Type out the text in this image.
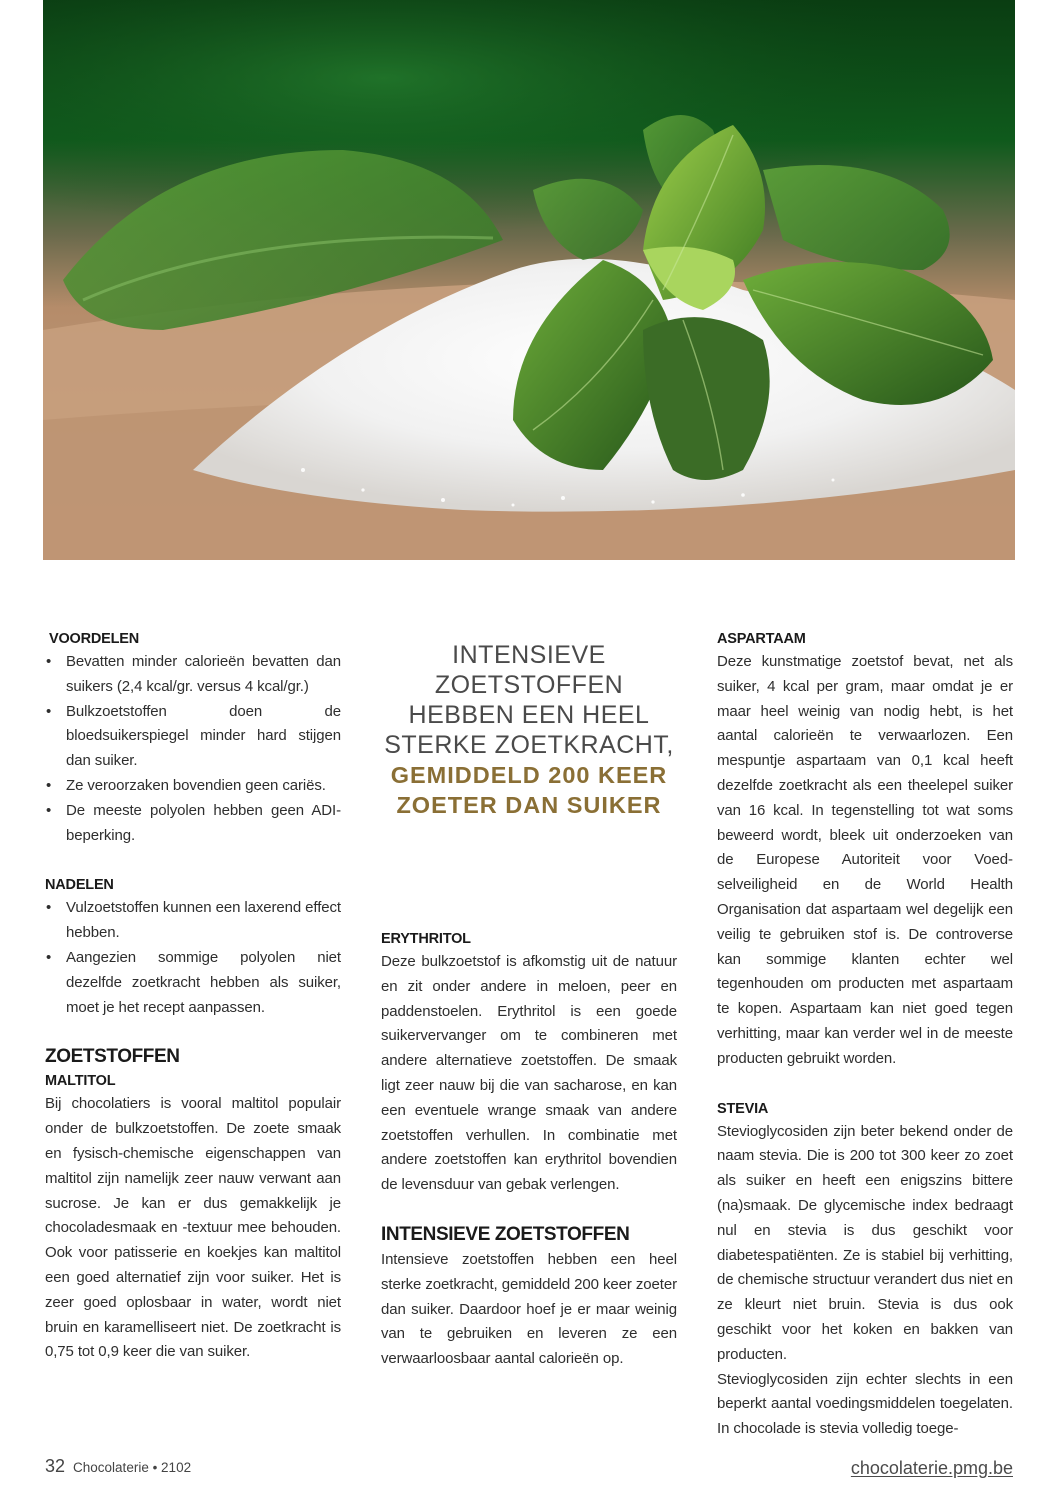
VOORDELEN
• Bevatten minder calorieën bevatten dan suikers (2,4 kcal/gr. versus 4 kcal/gr.)
• Bulkzoetstoffen doen de bloedsuikerspiegel minder hard stijgen dan suiker.
• Ze veroorzaken bovendien geen cariës.
• De meeste polyolen hebben geen ADI-beperking.
NADELEN
• Vulzoetstoffen kunnen een laxerend effect hebben.
• Aangezien sommige polyolen niet dezelfde zoetkracht hebben als suiker, moet je het recept aanpassen.
ZOETSTOFFEN
MALTITOL

Bij chocolatiers is vooral maltitol populair onder de bulkzoetstoffen. De zoete smaak en fysisch-chemische eigenschappen van maltitol zijn namelijk zeer nauw verwant aan sucrose. Je kan er dus gemakkelijk je chocoladesmaak en -textuur mee behouden. Ook voor patisserie en koekjes kan maltitol een goed alternatief zijn voor suiker. Het is zeer goed oplosbaar in water, wordt niet bruin en karamelliseert niet. De zoetkracht is 0,75 tot 0,9 keer die van suiker.

INTENSIEVE ZOETSTOFFEN HEBBEN EEN HEEL STERKE ZOETKRACHT,
GEMIDDELD 200 KEER ZOETER DAN SUIKER

ERYTHRITOL

Deze bulkzoetstof is afkomstig uit de natuur en zit onder andere in meloen, peer en paddenstoelen. Erythritol is een goede suikervervanger om te combineren met andere alternatieve zoetstoffen. De smaak ligt zeer nauw bij die van sacharose, en kan een eventuele wrange smaak van andere zoetstoffen verhullen. In combinatie met andere zoetstoffen kan erythritol bovendien de levensduur van gebak verlengen.

INTENSIEVE ZOETSTOFFEN

Intensieve zoetstoffen hebben een heel sterke zoetkracht, gemiddeld 200 keer zoeter dan suiker. Daardoor hoef je er maar weinig van te gebruiken en leveren ze een verwaarloosbaar aantal calorieën op.

ASPARTAAM

Deze kunstmatige zoetstof bevat, net als suiker, 4 kcal per gram, maar omdat je er maar heel weinig van nodig hebt, is het aantal calorieën te verwaarlozen. Een mespuntje aspartaam van 0,1 kcal heeft dezelfde zoetkracht als een theelepel suiker van 16 kcal. In tegenstelling tot wat soms beweerd wordt, bleek uit onderzoeken van de Europese Autoriteit voor Voedselveiligheid en de World Health Organisation dat aspartaam wel degelijk een veilig te gebruiken stof is. De controverse kan sommige klanten echter wel tegenhouden om producten met aspartaam te kopen. Aspartaam kan niet goed tegen verhitting, maar kan verder wel in de meeste producten gebruikt worden.

STEVIA

Stevioglycosiden zijn beter bekend onder de naam stevia. Die is 200 tot 300 keer zo zoet als suiker en heeft een enigszins bittere (na)smaak. De glycemische index bedraagt nul en stevia is dus geschikt voor diabetespatiënten. Ze is stabiel bij verhitting, de chemische structuur verandert dus niet en ze kleurt niet bruin. Stevia is dus ook geschikt voor het koken en bakken van producten.

Stevioglycosiden zijn echter slechts in een beperkt aantal voedingsmiddelen toegelaten. In chocolade is stevia volledig toege-

32 Chocolaterie • 2102	chocolaterie.pmg.be
